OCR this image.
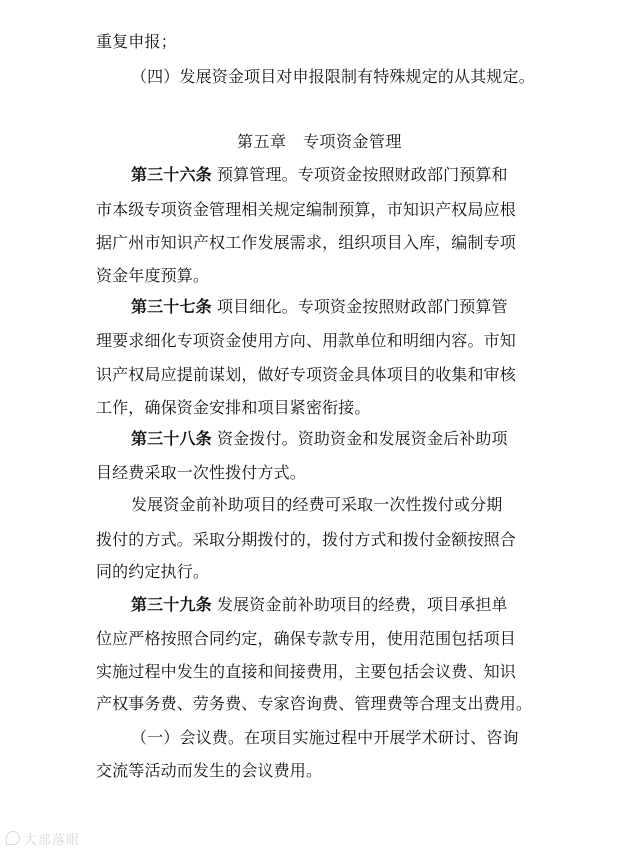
重复申报；
（四）发展资金项目对申报限制有特殊规定的从其规定。
第五章　专项资金管理
第三十六条 预算管理。专项资金按照财政部门预算和
市本级专项资金管理相关规定编制预算，市知识产权局应根
据广州市知识产权工作发展需求，组织项目入库，编制专项
资金年度预算。
第三十七条 项目细化。专项资金按照财政部门预算管
理要求细化专项资金使用方向、用款单位和明细内容。市知
识产权局应提前谋划，做好专项资金具体项目的收集和审核
工作，确保资金安排和项目紧密衔接。
第三十八条 资金拨付。资助资金和发展资金后补助项
目经费采取一次性拨付方式。
发展资金前补助项目的经费可采取一次性拨付或分期
拨付的方式。采取分期拨付的，拨付方式和拨付金额按照合
同的约定执行。
第三十九条 发展资金前补助项目的经费，项目承担单
位应严格按照合同约定，确保专款专用，使用范围包括项目
实施过程中发生的直接和间接费用，主要包括会议费、知识
产权事务费、劳务费、专家咨询费、管理费等合理支出费用。
（一）会议费。在项目实施过程中开展学术研讨、咨询
交流等活动而发生的会议费用。
大部落眼
